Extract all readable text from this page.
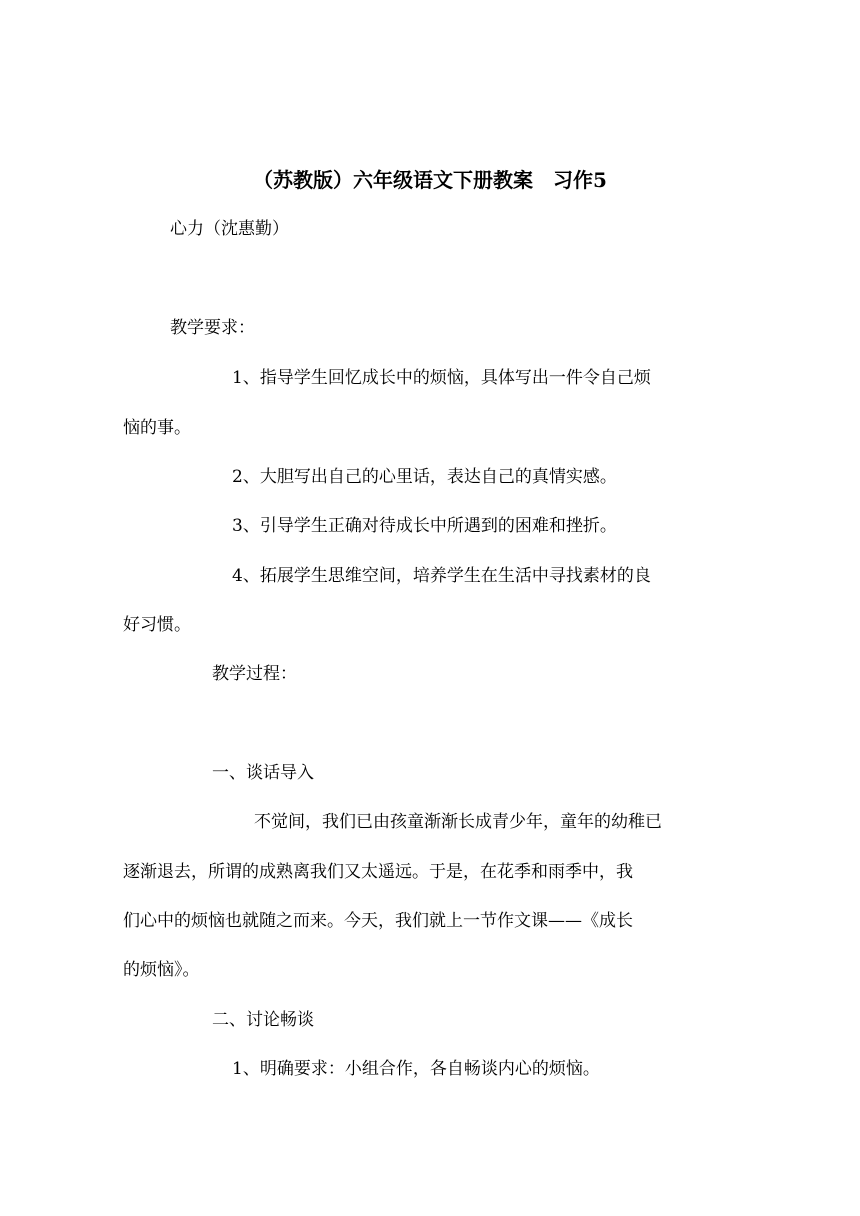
（苏教版）六年级语文下册教案　习作5
心力（沈惠勤）
教学要求：
1、指导学生回忆成长中的烦恼，具体写出一件令自己烦
恼的事。
2、大胆写出自己的心里话，表达自己的真情实感。
3、引导学生正确对待成长中所遇到的困难和挫折。
4、拓展学生思维空间，培养学生在生活中寻找素材的良
好习惯。
教学过程：
一、谈话导入
不觉间，我们已由孩童渐渐长成青少年，童年的幼稚已
逐渐退去，所谓的成熟离我们又太遥远。于是，在花季和雨季中，我
们心中的烦恼也就随之而来。今天，我们就上一节作文课——《成长
的烦恼》。
二、讨论畅谈
1、明确要求：小组合作，各自畅谈内心的烦恼。
